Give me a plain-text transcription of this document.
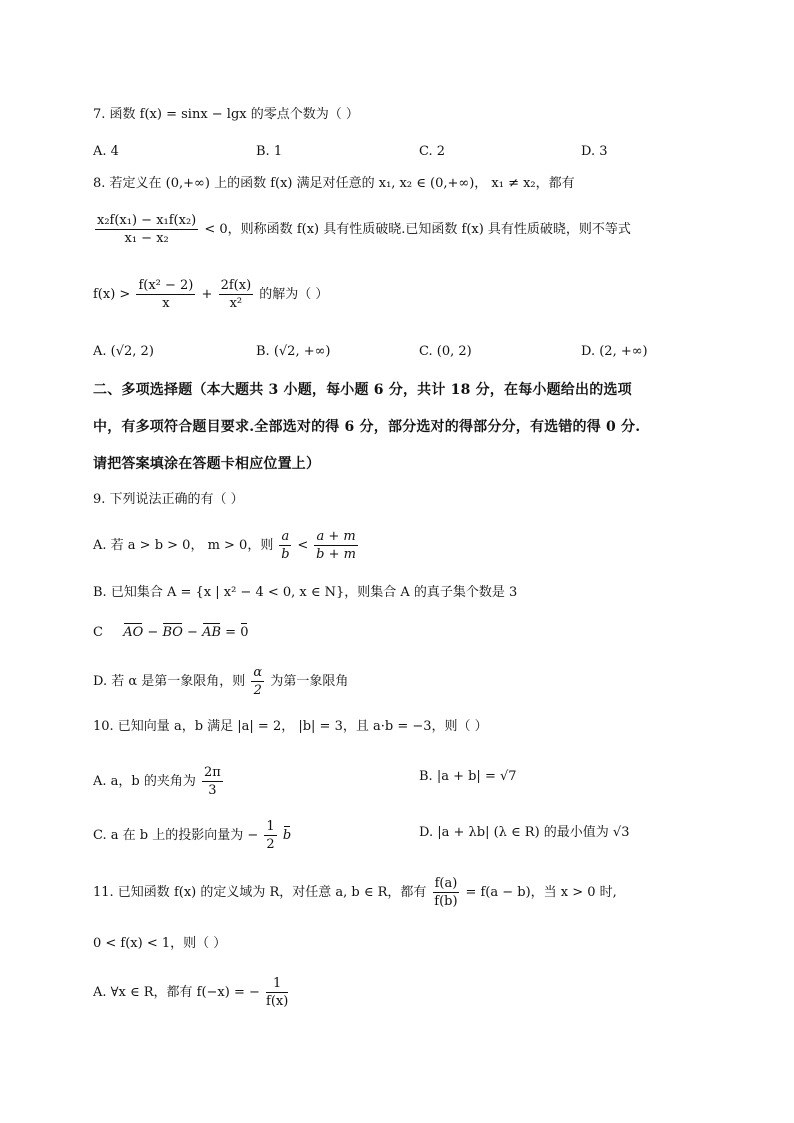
7. 函数 f(x) = sinx − lgx 的零点个数为（ ）
A. 4	B. 1	C. 2	D. 3
8. 若定义在 (0,+∞) 上的函数 f(x) 满足对任意的 x₁, x₂ ∈ (0,+∞)， x₁ ≠ x₂，都有
$\frac{\text{x₂f(x₁) − x₁f(x₂)}}{\text{x₁ − x₂}} < 0$，则称函数 f(x) 具有性质破晓.已知函数 f(x) 具有性质破晓，则不等式
$f(x) > \frac{\text{f(x² − 2)}}{x} + \frac{2f(x)}{\text{x²}}$ 的解为（ ）
A. (√2, 2)	B. (√2, +∞)	C. (0, 2)	D. (2, +∞)
二、多项选择题（本大题共 3 小题，每小题 6 分，共计 18 分，在每小题给出的选项
中，有多项符合题目要求.全部选对的得 6 分，部分选对的得部分分，有选错的得 0 分.
请把答案填涂在答题卡相应位置上）
9. 下列说法正确的有（ ）
A. 若 a > b > 0， m > 0，则 $\frac{a}{b} < \frac{a + m}{b + m}$
B. 已知集合 A = {x | x² − 4 < 0, x ∈ N}，则集合 A 的真子集个数是 3
C AO − BO − AB = 0
D. 若 α 是第一象限角，则 $\frac{\alpha}{2}$ 为第一象限角
10. 已知向量 a，b 满足 |a| = 2， |b| = 3，且 a·b = −3，则（ ）
A. a，b 的夹角为 $\frac{2\pi}{3}$	B. |a + b| = √7
C. a 在 b 上的投影向量为 − $\frac{1}{2}$ b	D. |a + λb| (λ ∈ R) 的最小值为 √3
11. 已知函数 f(x) 的定义域为 R，对任意 a, b ∈ R，都有 $\frac{f(a)}{f(b)} = f(a - b)$，当 x > 0 时,
0 < f(x) < 1，则（ ）
A. ∀x ∈ R，都有 f(−x) = − $\frac{1}{f(x)}$
